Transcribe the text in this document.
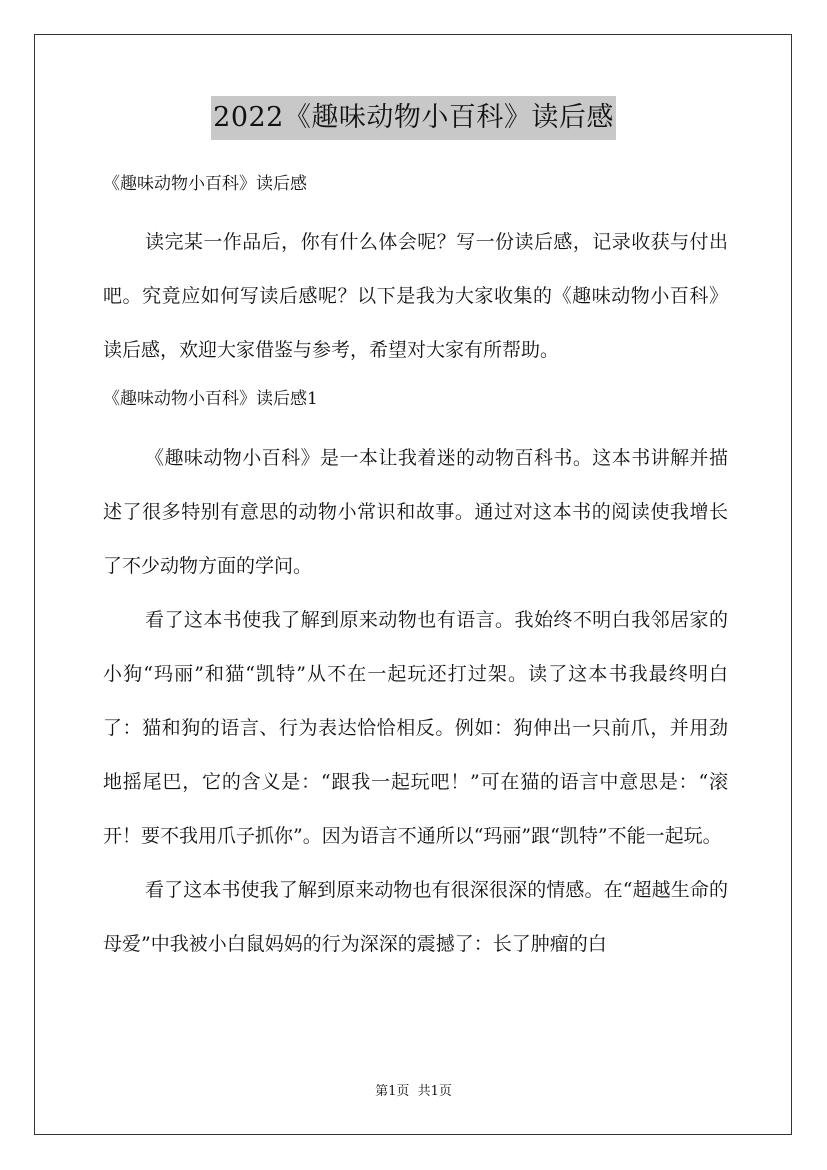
2022《趣味动物小百科》读后感

《趣味动物小百科》读后感

读完某一作品后，你有什么体会呢？写一份读后感，记录收获与付出吧。究竟应如何写读后感呢？以下是我为大家收集的《趣味动物小百科》读后感，欢迎大家借鉴与参考，希望对大家有所帮助。

《趣味动物小百科》读后感1

《趣味动物小百科》是一本让我着迷的动物百科书。这本书讲解并描述了很多特别有意思的动物小常识和故事。通过对这本书的阅读使我增长了不少动物方面的学问。

看了这本书使我了解到原来动物也有语言。我始终不明白我邻居家的小狗“玛丽”和猫“凯特”从不在一起玩还打过架。读了这本书我最终明白了：猫和狗的语言、行为表达恰恰相反。例如：狗伸出一只前爪，并用劲地摇尾巴，它的含义是：“跟我一起玩吧！”可在猫的语言中意思是：“滚开！要不我用爪子抓你”。因为语言不通所以“玛丽”跟“凯特”不能一起玩。

看了这本书使我了解到原来动物也有很深很深的情感。在“超越生命的母爱”中我被小白鼠妈妈的行为深深的震撼了：长了肿瘤的白

第1页 共1页
